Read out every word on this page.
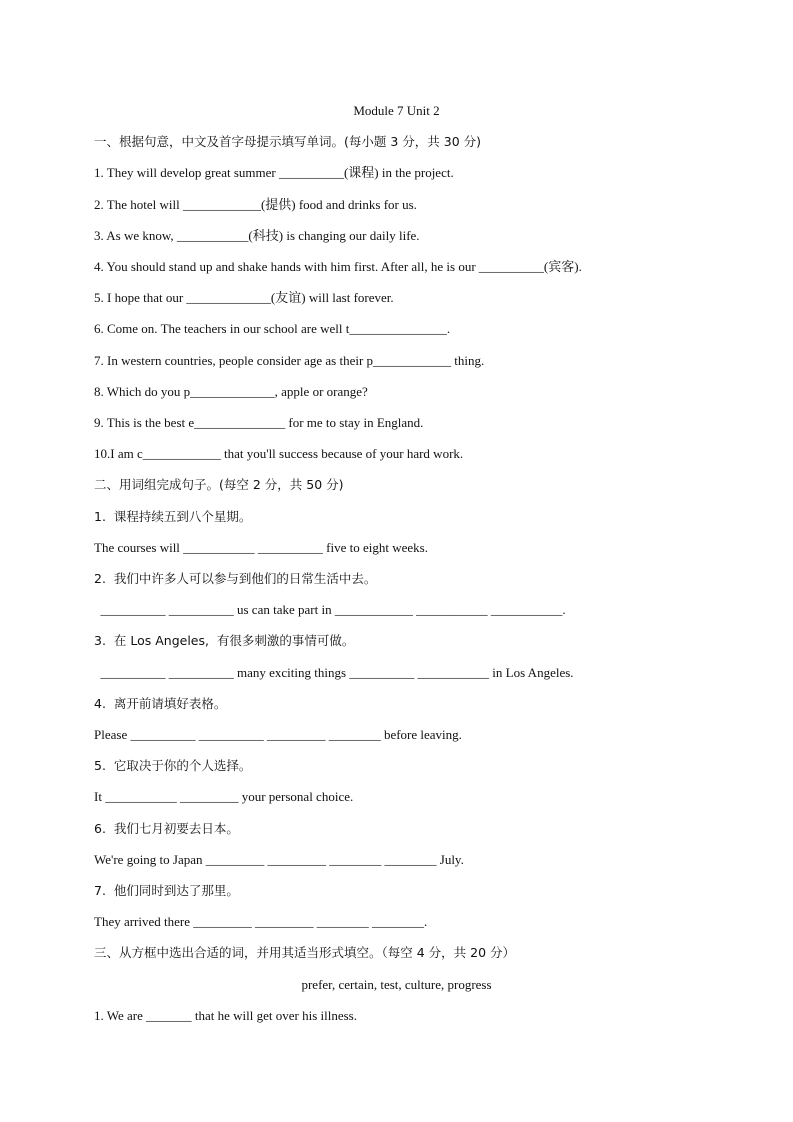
Module 7 Unit 2
一、根据句意，中文及首字母提示填写单词。(每小题 3 分，共 30 分)
1. They will develop great summer __________(课程) in the project.
2. The hotel will ____________(提供) food and drinks for us.
3. As we know, ___________(科技) is changing our daily life.
4. You should stand up and shake hands with him first. After all, he is our __________(宾客).
5. I hope that our _____________(友谊) will last forever.
6. Come on. The teachers in our school are well t_______________.
7. In western countries, people consider age as their p____________ thing.
8. Which do you p_____________, apple or orange?
9. This is the best e______________ for me to stay in England.
10.I am c____________ that you'll success because of your hard work.
二、用词组完成句子。(每空 2 分，共 50 分)
1.  课程持续五到八个星期。
The courses will ___________ __________ five to eight weeks.
2.  我们中许多人可以参与到他们的日常生活中去。
__________ __________ us can take part in ____________ ___________ ___________.
3.  在 Los Angeles,  有很多刺激的事情可做。
__________ __________ many exciting things __________ ___________ in Los Angeles.
4.  离开前请填好表格。
Please __________ __________ _________ ________ before leaving.
5.  它取决于你的个人选择。
It ___________ _________ your personal choice.
6.  我们七月初要去日本。
We're going to Japan _________ _________ ________ ________ July.
7.  他们同时到达了那里。
They arrived there _________ _________ ________ ________.
三、从方框中选出合适的词，并用其适当形式填空。（每空 4 分，共 20 分）
prefer, certain, test, culture, progress
1. We are _______ that he will get over his illness.
